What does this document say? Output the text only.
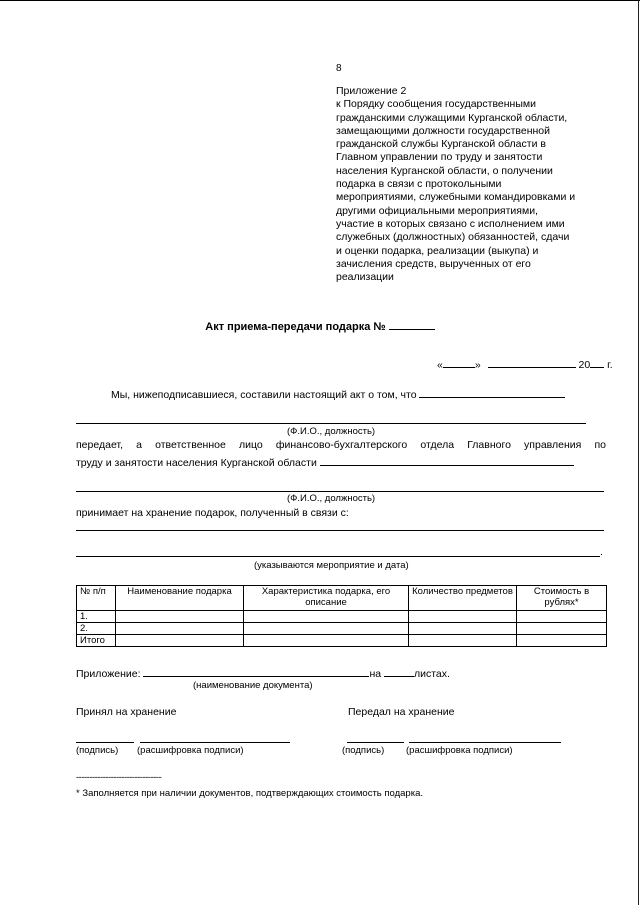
8
Приложение 2
к Порядку сообщения государственными
гражданскими служащими Курганской области,
замещающими должности государственной
гражданской службы Курганской области в
Главном управлении по труду и занятости
населения Курганской области, о получении
подарка в связи с протокольными
мероприятиями, служебными командировками и
другими официальными мероприятиями,
участие в которых связано с исполнением ими
служебных (должностных) обязанностей, сдачи
и оценки подарка, реализации (выкупа) и
зачисления средств, вырученных от его
реализации
Акт приема-передачи подарка №
«	»	20 г.
Мы, нижеподписавшиеся, составили настоящий акт о том, что
(Ф.И.О., должность)
передает, а ответственное лицо финансово-бухгалтерского отдела Главного управления по
труду и занятости населения Курганской области
(Ф.И.О., должность)
принимает на хранение подарок, полученный в связи с:
.
(указываются мероприятие и дата)
№ п/п	Наименование подарка	Характеристика подарка, его описание	Количество предметов	Стоимость в рублях*
1.				
2.				
Итого				
Приложение:	на	листах.
(наименование документа)
Принял на хранение	Передал на хранение
(подпись) (расшифровка подписи)	(подпись) (расшифровка подписи)
--------------------------------
* Заполняется при наличии документов, подтверждающих стоимость подарка.
